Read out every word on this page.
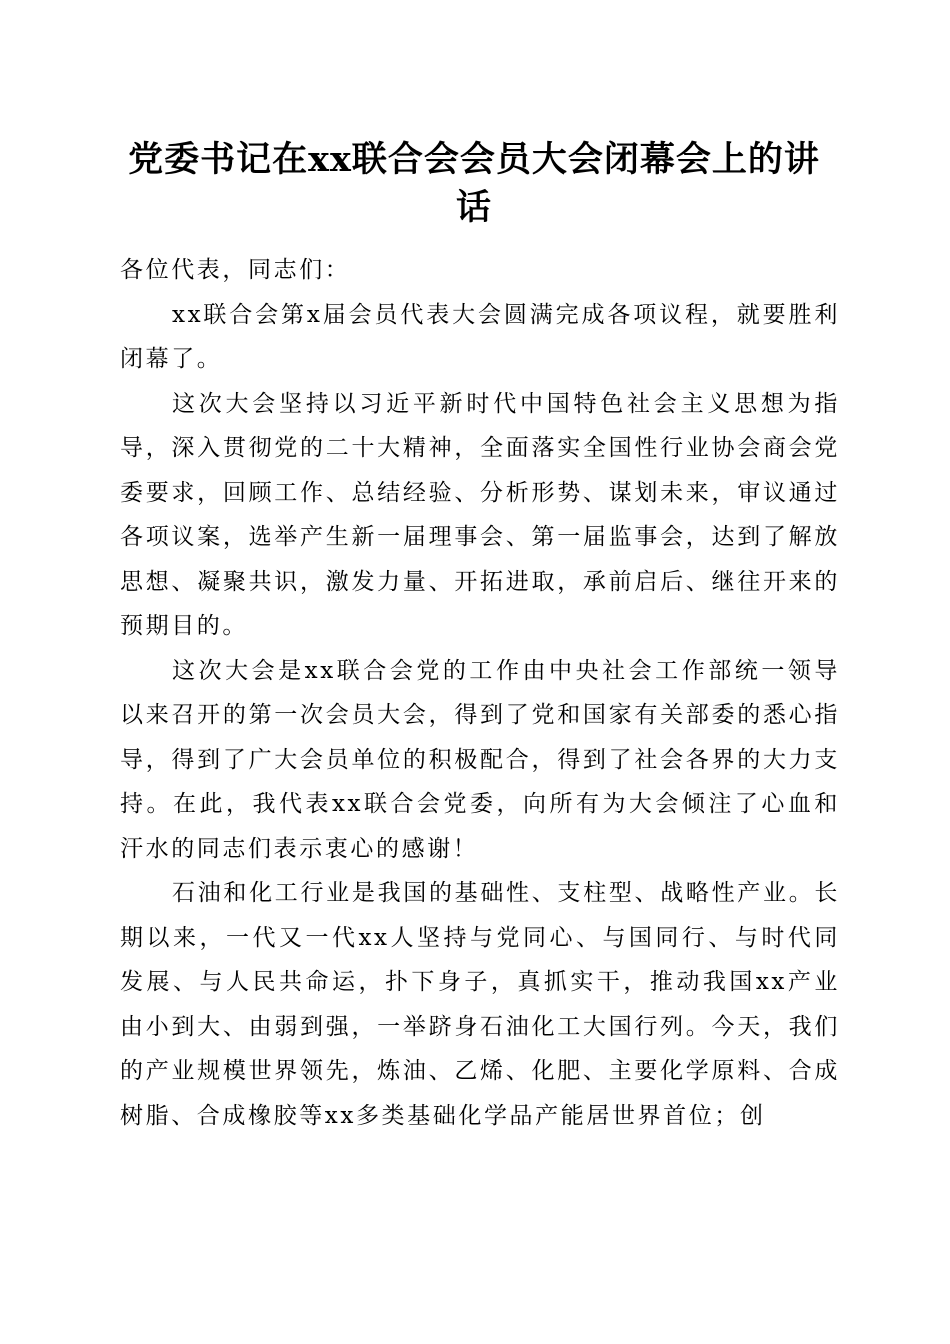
党委书记在xx联合会会员大会闭幕会上的讲话

各位代表，同志们：

xx联合会第x届会员代表大会圆满完成各项议程，就要胜利闭幕了。

这次大会坚持以习近平新时代中国特色社会主义思想为指导，深入贯彻党的二十大精神，全面落实全国性行业协会商会党委要求，回顾工作、总结经验、分析形势、谋划未来，审议通过各项议案，选举产生新一届理事会、第一届监事会，达到了解放思想、凝聚共识，激发力量、开拓进取，承前启后、继往开来的预期目的。

这次大会是xx联合会党的工作由中央社会工作部统一领导以来召开的第一次会员大会，得到了党和国家有关部委的悉心指导，得到了广大会员单位的积极配合，得到了社会各界的大力支持。在此，我代表xx联合会党委，向所有为大会倾注了心血和汗水的同志们表示衷心的感谢！

石油和化工行业是我国的基础性、支柱型、战略性产业。长期以来，一代又一代xx人坚持与党同心、与国同行、与时代同发展、与人民共命运，扑下身子，真抓实干，推动我国xx产业由小到大、由弱到强，一举跻身石油化工大国行列。今天，我们的产业规模世界领先，炼油、乙烯、化肥、主要化学原料、合成树脂、合成橡胶等xx多类基础化学品产能居世界首位；创
